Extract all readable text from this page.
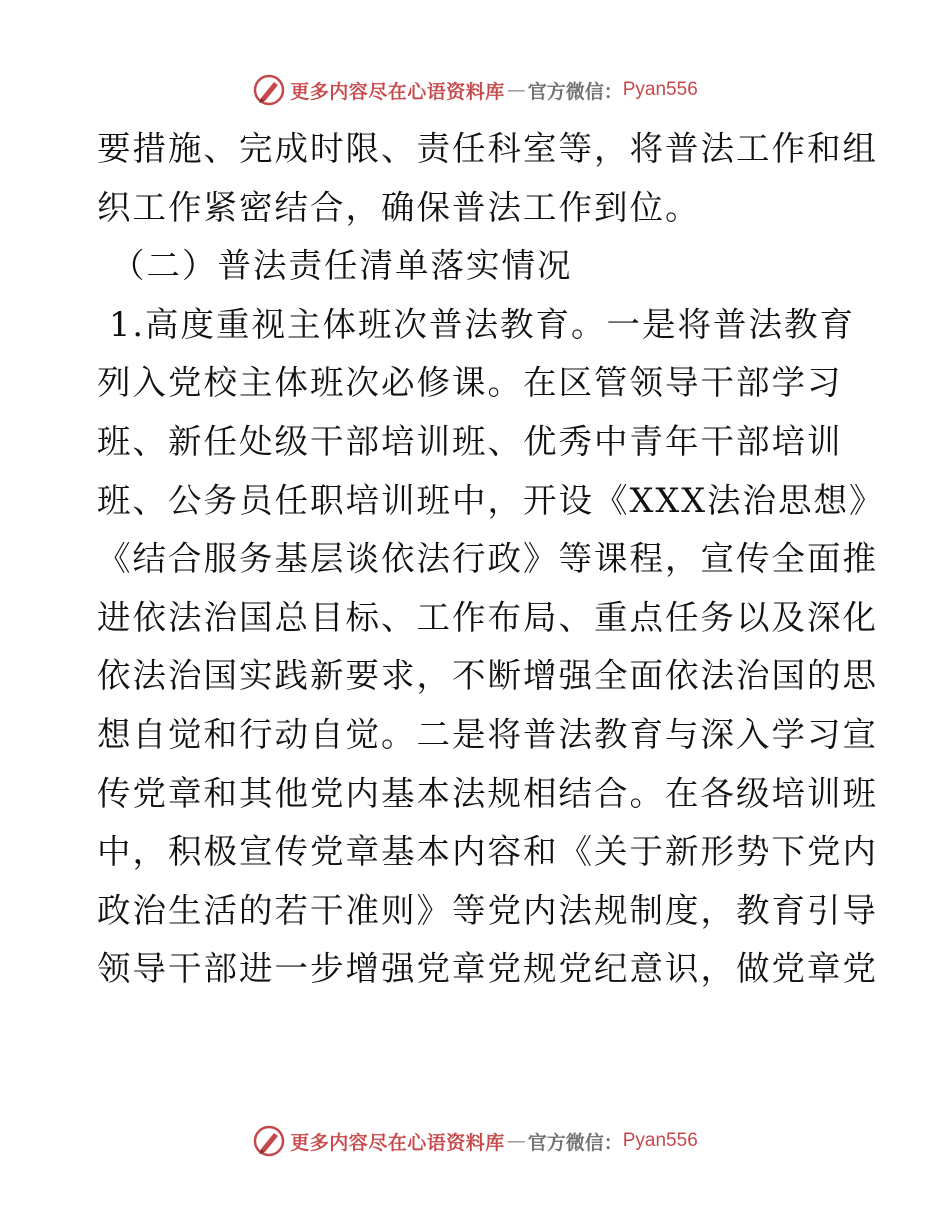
更多内容尽在心语资料库 — 官方微信： Pyan556
要措施、完成时限、责任科室等，将普法工作和组
织工作紧密结合，确保普法工作到位。
（二）普法责任清单落实情况
1.高度重视主体班次普法教育。一是将普法教育
列入党校主体班次必修课。在区管领导干部学习
班、新任处级干部培训班、优秀中青年干部培训
班、公务员任职培训班中，开设《XXX法治思想》
《结合服务基层谈依法行政》等课程，宣传全面推
进依法治国总目标、工作布局、重点任务以及深化
依法治国实践新要求，不断增强全面依法治国的思
想自觉和行动自觉。二是将普法教育与深入学习宣
传党章和其他党内基本法规相结合。在各级培训班
中，积极宣传党章基本内容和《关于新形势下党内
政治生活的若干准则》等党内法规制度，教育引导
领导干部进一步增强党章党规党纪意识，做党章党
更多内容尽在心语资料库 — 官方微信： Pyan556
